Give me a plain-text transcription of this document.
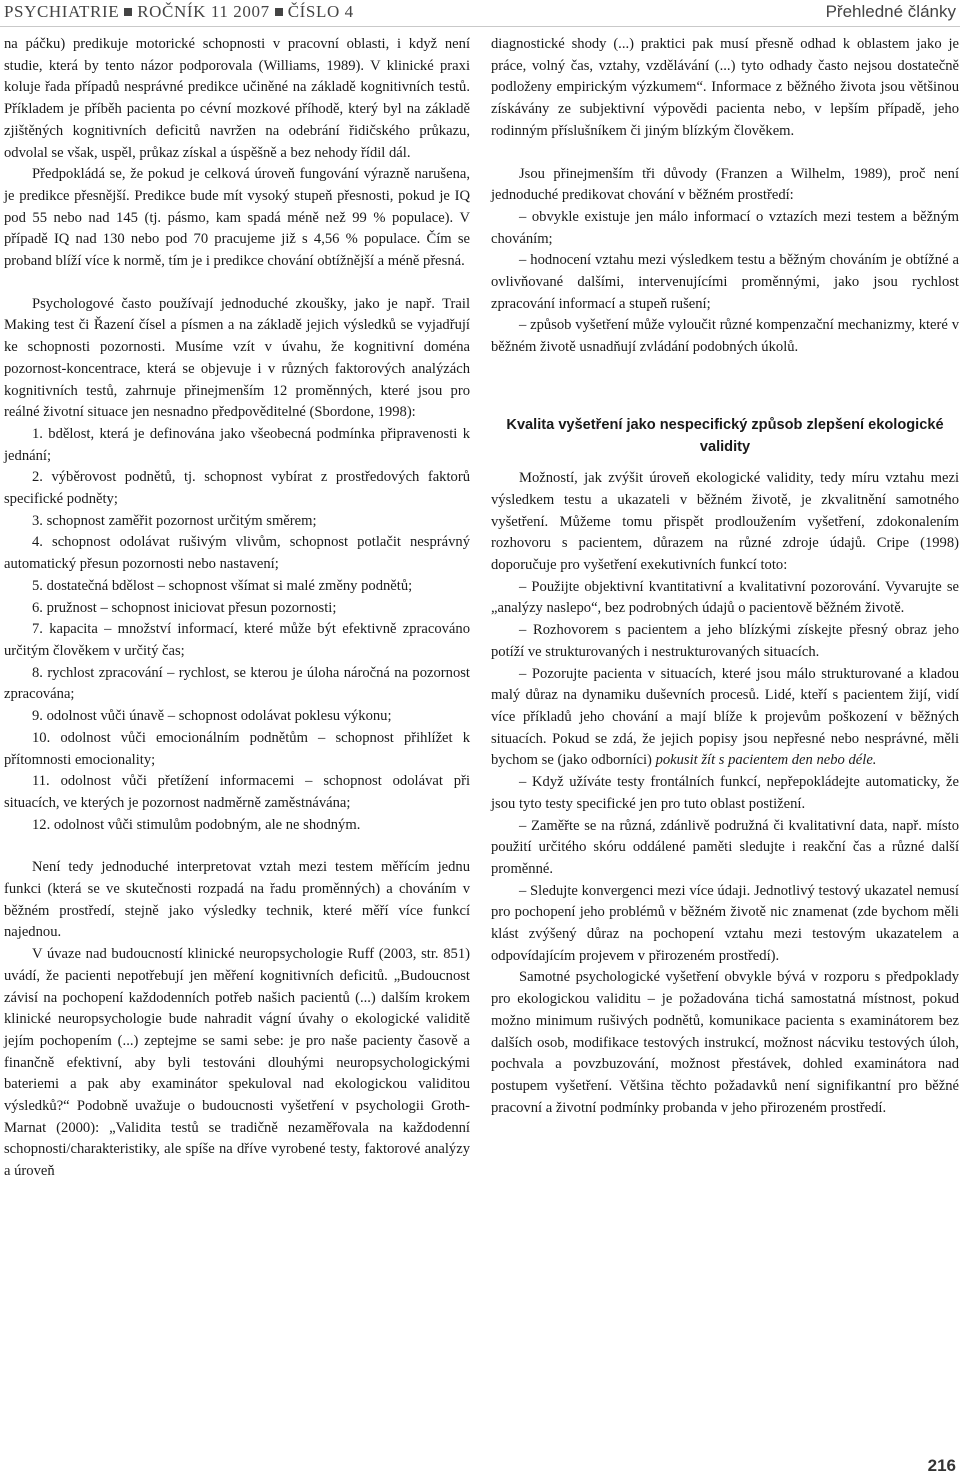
PSYCHIATRIE ROČNÍK 11 2007 ČÍSLO 4	Přehledné články

na páčku) predikuje motorické schopnosti v pracovní oblasti, i když není studie, která by tento názor podporovala (Williams, 1989). V klinické praxi koluje řada případů nesprávné predikce učiněné na základě kognitivních testů. Příkladem je příběh pacienta po cévní mozkové příhodě, který byl na základě zjištěných kognitivních deficitů navržen na odebrání řidičského průkazu, odvolal se však, uspěl, průkaz získal a úspěšně a bez nehody řídil dál.

Předpokládá se, že pokud je celková úroveň fungování výrazně narušena, je predikce přesnější. Predikce bude mít vysoký stupeň přesnosti, pokud je IQ pod 55 nebo nad 145 (tj. pásmo, kam spadá méně než 99 % populace). V případě IQ nad 130 nebo pod 70 pracujeme již s 4,56 % populace. Čím se proband blíží více k normě, tím je i predikce chování obtížnější a méně přesná.

Psychologové často používají jednoduché zkoušky, jako je např. Trail Making test či Řazení čísel a písmen a na základě jejich výsledků se vyjadřují ke schopnosti pozornosti. Musíme vzít v úvahu, že kognitivní doména pozornost-koncentrace, která se objevuje i v různých faktorových analýzách kognitivních testů, zahrnuje přinejmenším 12 proměnných, které jsou pro reálné životní situace jen nesnadno předpověditelné (Sbordone, 1998):

1. bdělost, která je definována jako všeobecná podmínka připravenosti k jednání;

2. výběrovost podnětů, tj. schopnost vybírat z prostředových faktorů specifické podněty;

3. schopnost zaměřit pozornost určitým směrem;

4. schopnost odolávat rušivým vlivům, schopnost potlačit nesprávný automatický přesun pozornosti nebo nastavení;

5. dostatečná bdělost – schopnost všímat si malé změny podnětů;

6. pružnost – schopnost iniciovat přesun pozornosti;

7. kapacita – množství informací, které může být efektivně zpracováno určitým člověkem v určitý čas;

8. rychlost zpracování – rychlost, se kterou je úloha náročná na pozornost zpracována;

9. odolnost vůči únavě – schopnost odolávat poklesu výkonu;

10. odolnost vůči emocionálním podnětům – schopnost přihlížet k přítomnosti emocionality;

11. odolnost vůči přetížení informacemi – schopnost odolávat při situacích, ve kterých je pozornost nadměrně zaměstnávána;

12. odolnost vůči stimulům podobným, ale ne shodným.

Není tedy jednoduché interpretovat vztah mezi testem měřícím jednu funkci (která se ve skutečnosti rozpadá na řadu proměnných) a chováním v běžném prostředí, stejně jako výsledky technik, které měří více funkcí najednou.

V úvaze nad budoucností klinické neuropsychologie Ruff (2003, str. 851) uvádí, že pacienti nepotřebují jen měření kognitivních deficitů. „Budoucnost závisí na pochopení každodenních potřeb našich pacientů (...) dalším krokem klinické neuropsychologie bude nahradit vágní úvahy o ekologické validitě jejím pochopením (...) zeptejme se sami sebe: je pro naše pacienty časově a finančně efektivní, aby byli testováni dlouhými neuropsychologickými bateriemi a pak aby examinátor spekuloval nad ekologickou validitou výsledků?“ Podobně uvažuje o budoucnosti vyšetření v psychologii Groth-Marnat (2000): „Validita testů se tradičně nezaměřovala na každodenní schopnosti/charakteristiky, ale spíše na dříve vyrobené testy, faktorové analýzy a úroveň

diagnostické shody (...) praktici pak musí přesně odhad k oblastem jako je práce, volný čas, vztahy, vzdělávání (...) tyto odhady často nejsou dostatečně podloženy empirickým výzkumem“. Informace z běžného života jsou většinou získávány ze subjektivní výpovědi pacienta nebo, v lepším případě, jeho rodinným příslušníkem či jiným blízkým člověkem.

Jsou přinejmenším tři důvody (Franzen a Wilhelm, 1989), proč není jednoduché predikovat chování v běžném prostředí:

– obvykle existuje jen málo informací o vztazích mezi testem a běžným chováním;

– hodnocení vztahu mezi výsledkem testu a běžným chováním je obtížné a ovlivňované dalšími, intervenujícími proměnnými, jako jsou rychlost zpracování informací a stupeň rušení;

– způsob vyšetření může vyloučit různé kompenzační mechanizmy, které v běžném životě usnadňují zvládání podobných úkolů.

Kvalita vyšetření jako nespecifický způsob zlepšení ekologické validity

Možností, jak zvýšit úroveň ekologické validity, tedy míru vztahu mezi výsledkem testu a ukazateli v běžném životě, je zkvalitnění samotného vyšetření. Můžeme tomu přispět prodloužením vyšetření, zdokonalením rozhovoru s pacientem, důrazem na různé zdroje údajů. Cripe (1998) doporučuje pro vyšetření exekutivních funkcí toto:

– Použijte objektivní kvantitativní a kvalitativní pozorování. Vyvarujte se „analýzy naslepo“, bez podrobných údajů o pacientově běžném životě.

– Rozhovorem s pacientem a jeho blízkými získejte přesný obraz jeho potíží ve strukturovaných i nestrukturovaných situacích.

– Pozorujte pacienta v situacích, které jsou málo strukturované a kladou malý důraz na dynamiku duševních procesů. Lidé, kteří s pacientem žijí, vidí více příkladů jeho chování a mají blíže k projevům poškození v běžných situacích. Pokud se zdá, že jejich popisy jsou nepřesné nebo nesprávné, měli bychom se (jako odborníci) pokusit žít s pacientem den nebo déle.

– Když užíváte testy frontálních funkcí, nepřepokládejte automaticky, že jsou tyto testy specifické jen pro tuto oblast postižení.

– Zaměřte se na různá, zdánlivě podružná či kvalitativní data, např. místo použití určitého skóru oddálené paměti sledujte i reakční čas a různé další proměnné.

– Sledujte konvergenci mezi více údaji. Jednotlivý testový ukazatel nemusí pro pochopení jeho problémů v běžném životě nic znamenat (zde bychom měli klást zvýšený důraz na pochopení vztahu mezi testovým ukazatelem a odpovídajícím projevem v přirozeném prostředí).

Samotné psychologické vyšetření obvykle bývá v rozporu s předpoklady pro ekologickou validitu – je požadována tichá samostatná místnost, pokud možno minimum rušivých podnětů, komunikace pacienta s examinátorem bez dalších osob, modifikace testových instrukcí, možnost nácviku testových úloh, pochvala a povzbuzování, možnost přestávek, dohled examinátora nad postupem vyšetření. Většina těchto požadavků není signifikantní pro běžné pracovní a životní podmínky probanda v jeho přirozeném prostředí.

216
